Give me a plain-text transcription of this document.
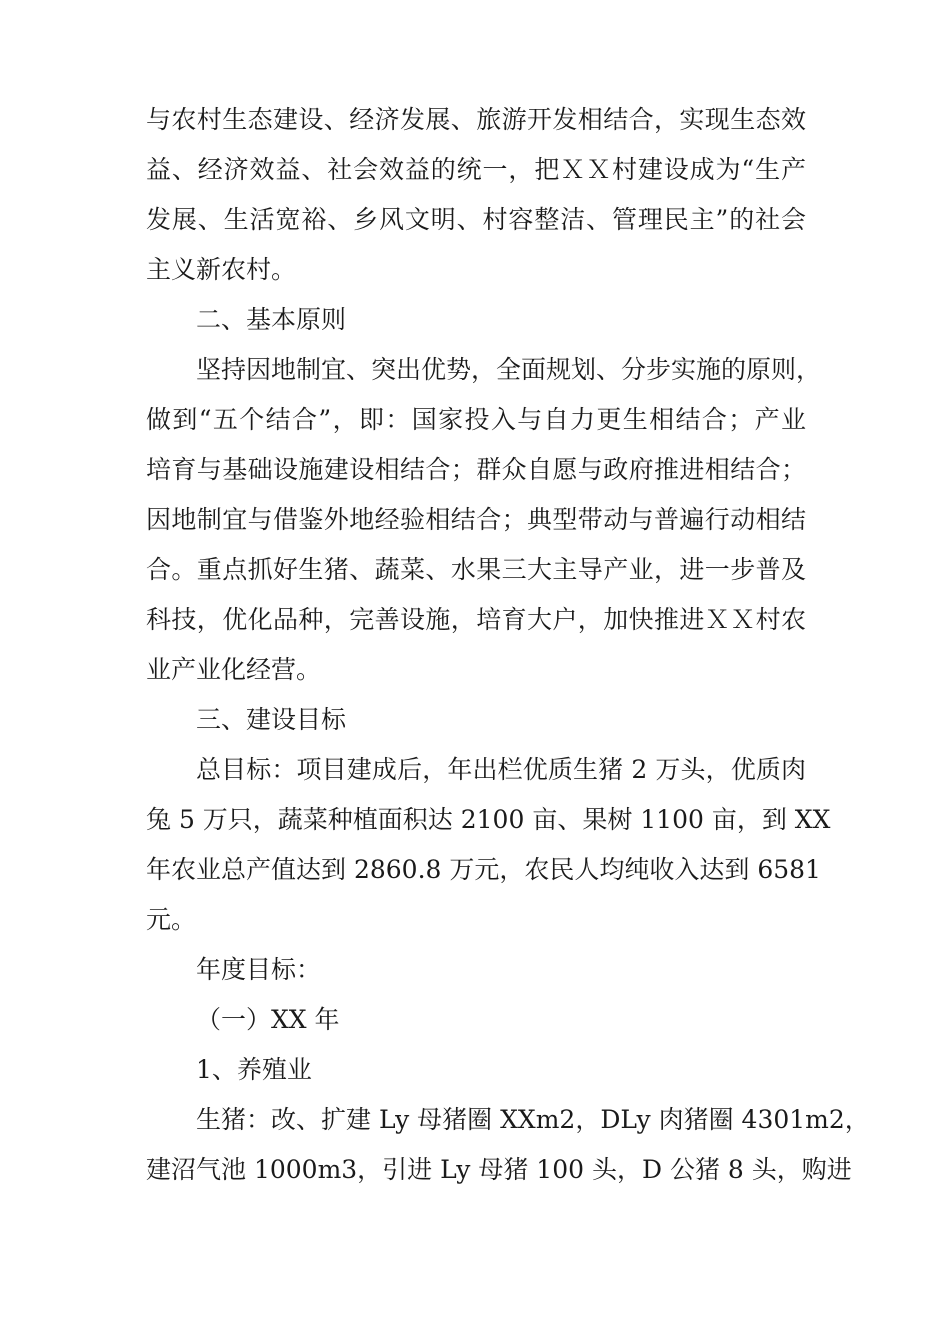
与农村生态建设、经济发展、旅游开发相结合，实现生态效
益、经济效益、社会效益的统一，把ＸＸ村建设成为“生产
发展、生活宽裕、乡风文明、村容整洁、管理民主”的社会
主义新农村。
二、基本原则
坚持因地制宜、突出优势，全面规划、分步实施的原则，
做到“五个结合”，即：国家投入与自力更生相结合；产业
培育与基础设施建设相结合；群众自愿与政府推进相结合；
因地制宜与借鉴外地经验相结合；典型带动与普遍行动相结
合。重点抓好生猪、蔬菜、水果三大主导产业，进一步普及
科技，优化品种，完善设施，培育大户，加快推进ＸＸ村农
业产业化经营。
三、建设目标
总目标：项目建成后，年出栏优质生猪 2 万头，优质肉
兔 5 万只，蔬菜种植面积达 2100 亩、果树 1100 亩，到 XX
年农业总产值达到 2860.8 万元，农民人均纯收入达到 6581
元。
年度目标：
（一）XX 年
1、养殖业
生猪：改、扩建 Ly 母猪圈 XXm2，DLy 肉猪圈 4301m2，
建沼气池 1000m3，引进 Ly 母猪 100 头，D 公猪 8 头，购进
